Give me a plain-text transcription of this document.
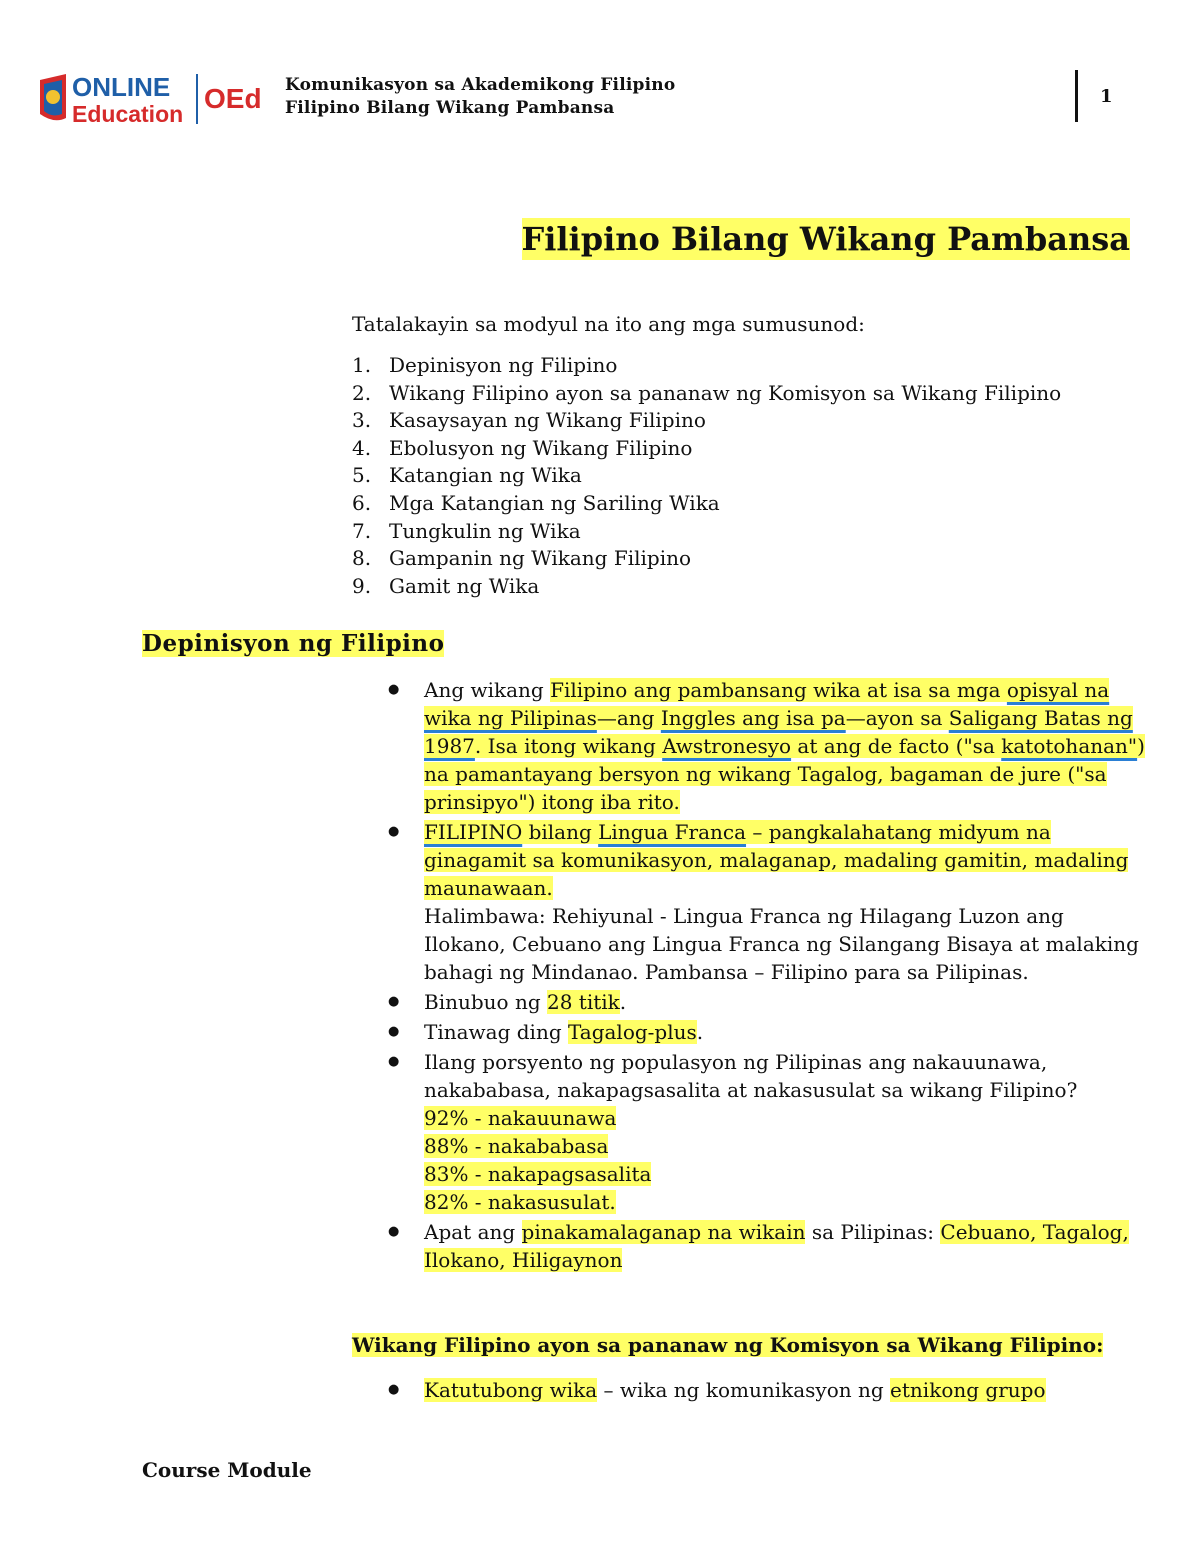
ONLINE
Education OEd Komunikasyon sa Akademikong Filipino
Filipino Bilang Wikang Pambansa
1
Filipino Bilang Wikang Pambansa
Tatalakayin sa modyul na ito ang mga sumusunod:
1. Depinisyon ng Filipino
2. Wikang Filipino ayon sa pananaw ng Komisyon sa Wikang Filipino
3. Kasaysayan ng Wikang Filipino
4. Ebolusyon ng Wikang Filipino
5. Katangian ng Wika
6. Mga Katangian ng Sariling Wika
7. Tungkulin ng Wika
8. Gampanin ng Wikang Filipino
9. Gamit ng Wika
Depinisyon ng Filipino
● Ang wikang Filipino ang pambansang wika at isa sa mga opisyal na wika ng Pilipinas—ang Inggles ang isa pa—ayon sa Saligang Batas ng 1987. Isa itong wikang Awstronesyo at ang de facto ("sa katotohanan") na pamantayang bersyon ng wikang Tagalog, bagaman de jure ("sa prinsipyo") itong iba rito.
● FILIPINO bilang Lingua Franca – pangkalahatang midyum na ginagamit sa komunikasyon, malaganap, madaling gamitin, madaling maunawaan.
Halimbawa: Rehiyunal - Lingua Franca ng Hilagang Luzon ang Ilokano, Cebuano ang Lingua Franca ng Silangang Bisaya at malaking bahagi ng Mindanao. Pambansa – Filipino para sa Pilipinas.
● Binubuo ng 28 titik.
● Tinawag ding Tagalog-plus.
● Ilang porsyento ng populasyon ng Pilipinas ang nakauunawa, nakababasa, nakapagsasalita at nakasusulat sa wikang Filipino?
92% - nakauunawa
88% - nakababasa
83% - nakapagsasalita
82% - nakasusulat.
● Apat ang pinakamalaganap na wikain sa Pilipinas: Cebuano, Tagalog, Ilokano, Hiligaynon
Wikang Filipino ayon sa pananaw ng Komisyon sa Wikang Filipino:
● Katutubong wika – wika ng komunikasyon ng etnikong grupo
Course Module
